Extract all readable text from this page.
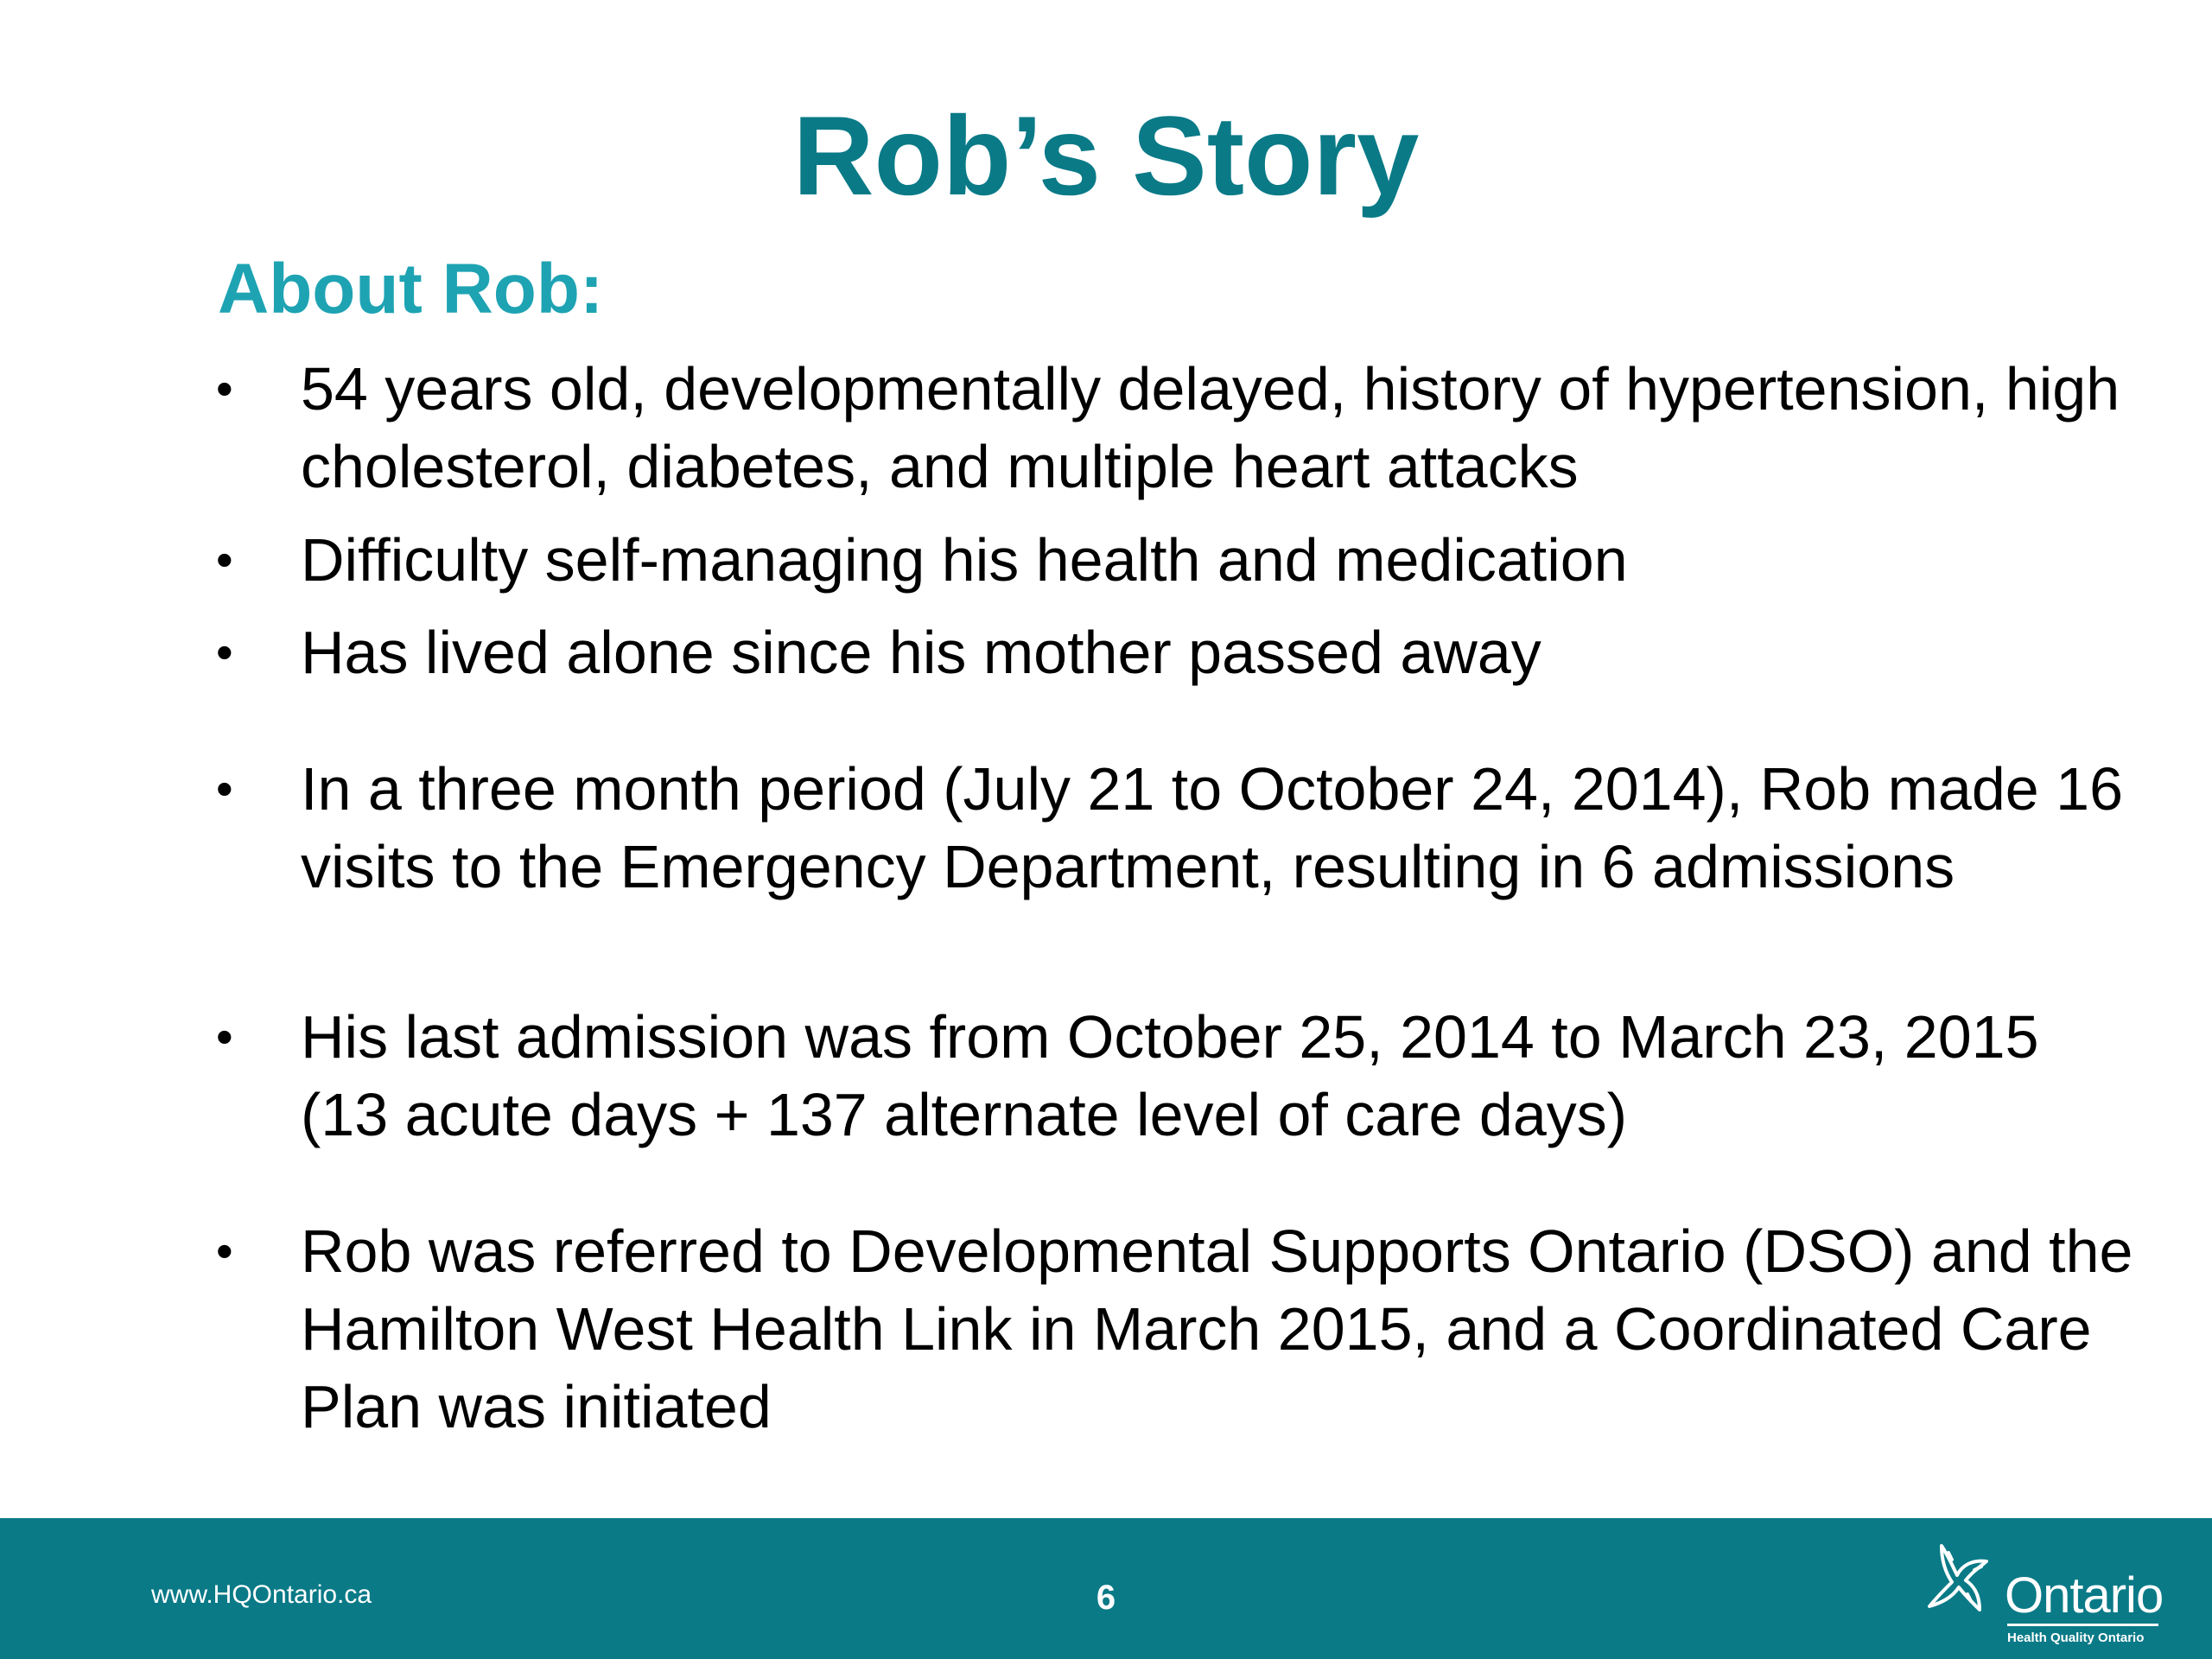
Rob’s Story
About Rob:
•	54 years old, developmentally delayed, history of hypertension, high cholesterol, diabetes, and multiple heart attacks
•	Difficulty self-managing his health and medication
•	Has lived alone since his mother passed away
•	In a three month period (July 21 to October 24, 2014), Rob made 16 visits to the Emergency Department, resulting in 6 admissions
•	His last admission was from October 25, 2014 to March 23, 2015 (13 acute days + 137 alternate level of care days)
•	Rob was referred to Developmental Supports Ontario (DSO) and the Hamilton West Health Link in March 2015, and a Coordinated Care Plan was initiated
www.HQOntario.ca	6	Ontario
Health Quality Ontario
